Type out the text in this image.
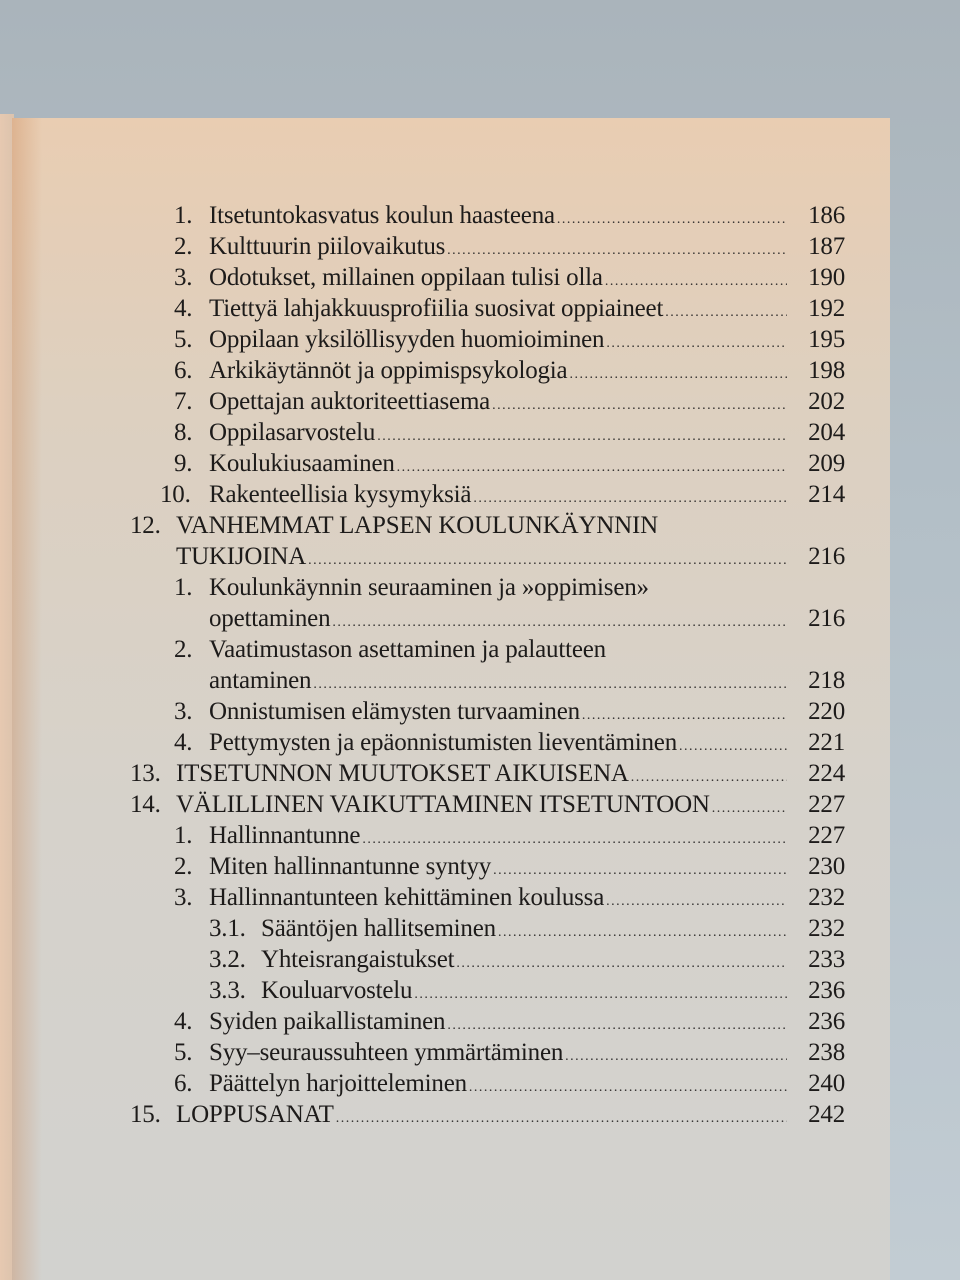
1. Itsetuntokasvatus koulun haasteena .....	186
2. Kulttuurin piilovaikutus .....	187
3. Odotukset, millainen oppilaan tulisi olla .....	190
4. Tiettyä lahjakkuusprofiilia suosivat oppiaineet .....	192
5. Oppilaan yksilöllisyyden huomioiminen .....	195
6. Arkikäytännöt ja oppimispsykologia .....	198
7. Opettajan auktoriteettiasema .....	202
8. Oppilasarvostelu .....	204
9. Koulukiusaaminen .....	209
10. Rakenteellisia kysymyksiä .....	214
12. VANHEMMAT LAPSEN KOULUNKÄYNNIN
TUKIJOINA .....	216
1. Koulunkäynnin seuraaminen ja »oppimisen»
opettaminen .....	216
2. Vaatimustason asettaminen ja palautteen
antaminen .....	218
3. Onnistumisen elämysten turvaaminen .....	220
4. Pettymysten ja epäonnistumisten lieventäminen .....	221
13. ITSETUNNON MUUTOKSET AIKUISENA .....	224
14. VÄLILLINEN VAIKUTTAMINEN ITSETUNTOON .....	227
1. Hallinnantunne .....	227
2. Miten hallinnantunne syntyy .....	230
3. Hallinnantunteen kehittäminen koulussa .....	232
3.1. Sääntöjen hallitseminen .....	232
3.2. Yhteisrangaistukset .....	233
3.3. Kouluarvostelu .....	236
4. Syiden paikallistaminen .....	236
5. Syy–seuraussuhteen ymmärtäminen .....	238
6. Päättelyn harjoitteleminen .....	240
15. LOPPUSANAT .....	242
